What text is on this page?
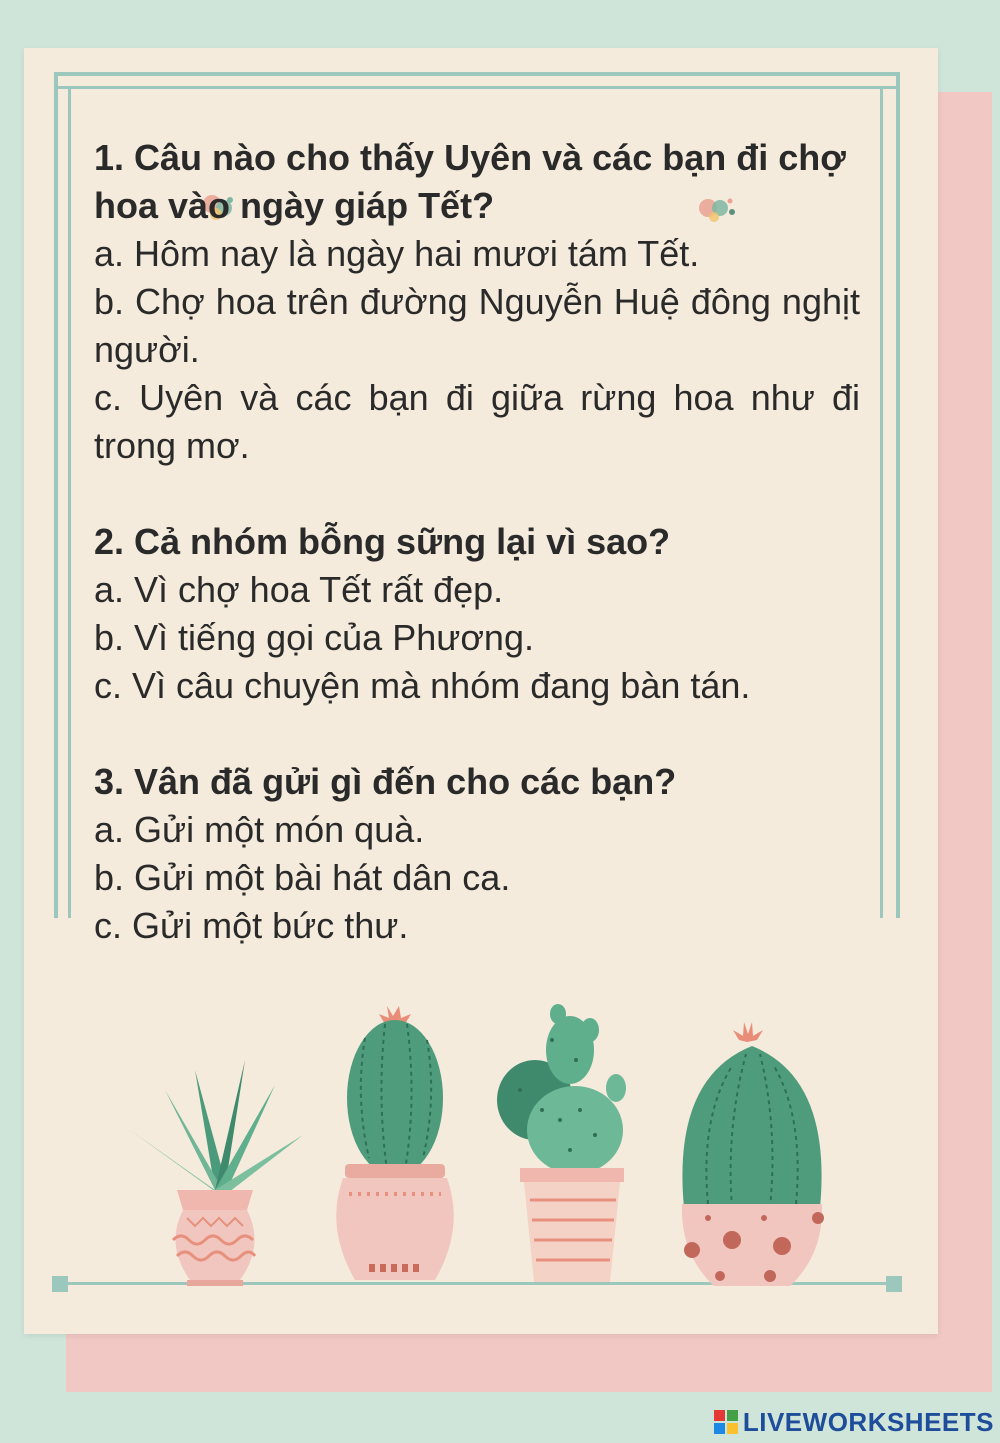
1. Câu nào cho thấy Uyên và các bạn đi chợ hoa vào ngày giáp Tết?

a. Hôm nay là ngày hai mươi tám Tết.

b. Chợ hoa trên đường Nguyễn Huệ đông nghịt người.

c. Uyên và các bạn đi giữa rừng hoa như đi trong mơ.

2. Cả nhóm bỗng sững lại vì sao?

a. Vì chợ hoa Tết rất đẹp.

b. Vì tiếng gọi của Phương.

c. Vì câu chuyện mà nhóm đang bàn tán.

3. Vân đã gửi gì đến cho các bạn?

a. Gửi một món quà.

b. Gửi một bài hát dân ca.

c. Gửi một bức thư.

LIVEWORKSHEETS
